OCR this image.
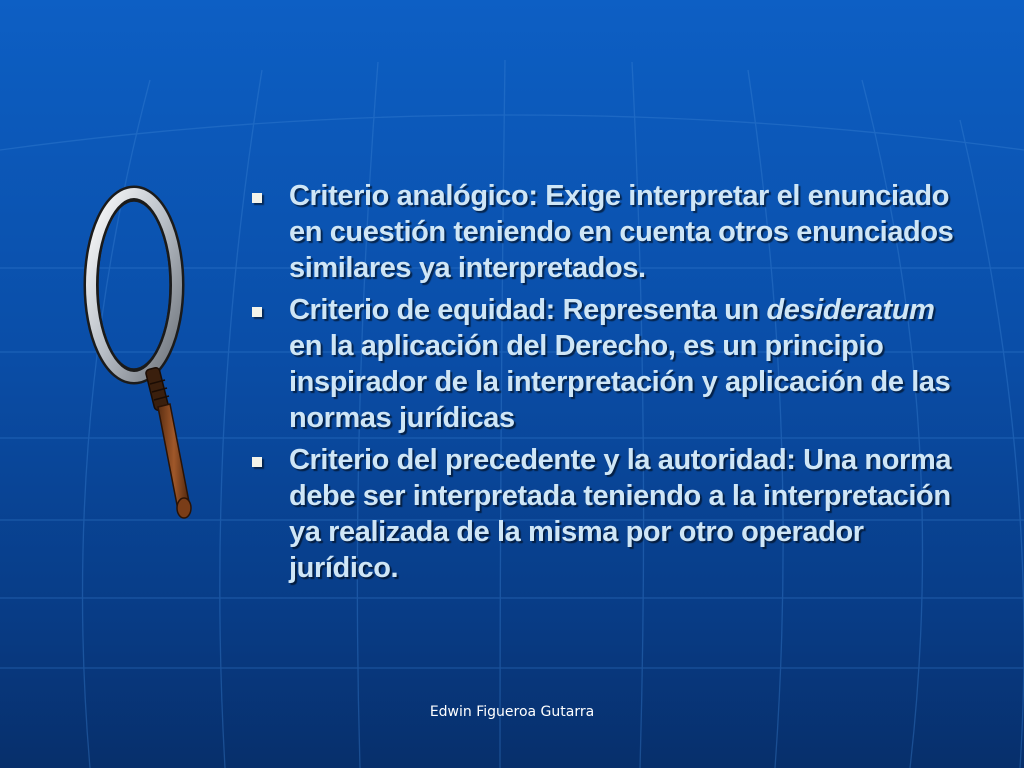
Criterio analógico: Exige interpretar el enunciado en cuestión teniendo en cuenta otros enunciados similares ya interpretados.
Criterio de equidad: Representa un desideratum en la aplicación del Derecho, es un principio inspirador de la interpretación y aplicación de las normas jurídicas
Criterio del precedente y la autoridad: Una norma debe ser interpretada teniendo a la interpretación ya realizada de la misma por otro operador jurídico.
Edwin Figueroa Gutarra
